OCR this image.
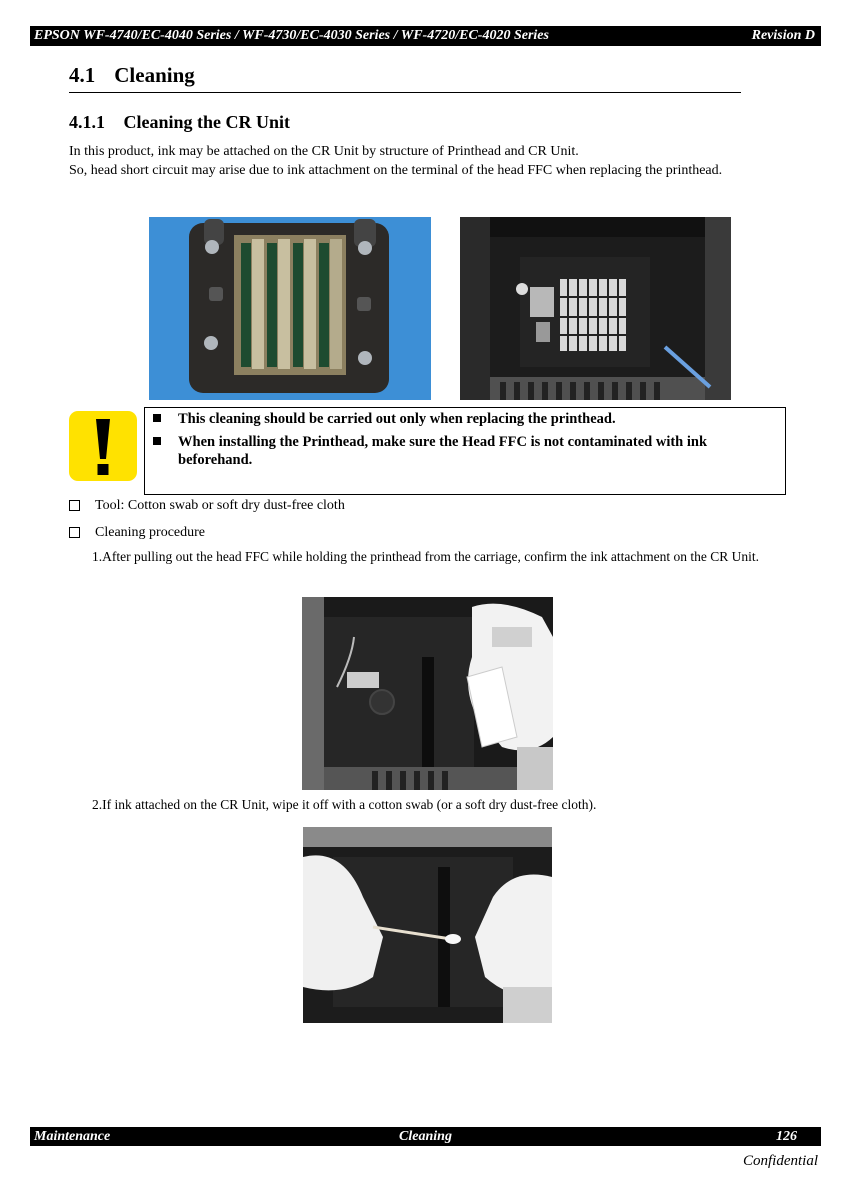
EPSON WF-4740/EC-4040 Series / WF-4730/EC-4030 Series / WF-4720/EC-4020 Series	Revision D
4.1 Cleaning
4.1.1 Cleaning the CR Unit
In this product, ink may be attached on the CR Unit by structure of Printhead and CR Unit.
So, head short circuit may arise due to ink attachment on the terminal of the head FFC when replacing the printhead.
This cleaning should be carried out only when replacing the printhead.
When installing the Printhead, make sure the Head FFC is not contaminated with ink beforehand.
Tool: Cotton swab or soft dry dust-free cloth
Cleaning procedure
1.After pulling out the head FFC while holding the printhead from the carriage, confirm the ink attachment on the CR Unit.
2.If ink attached on the CR Unit, wipe it off with a cotton swab (or a soft dry dust-free cloth).
Maintenance	Cleaning	126
Confidential
